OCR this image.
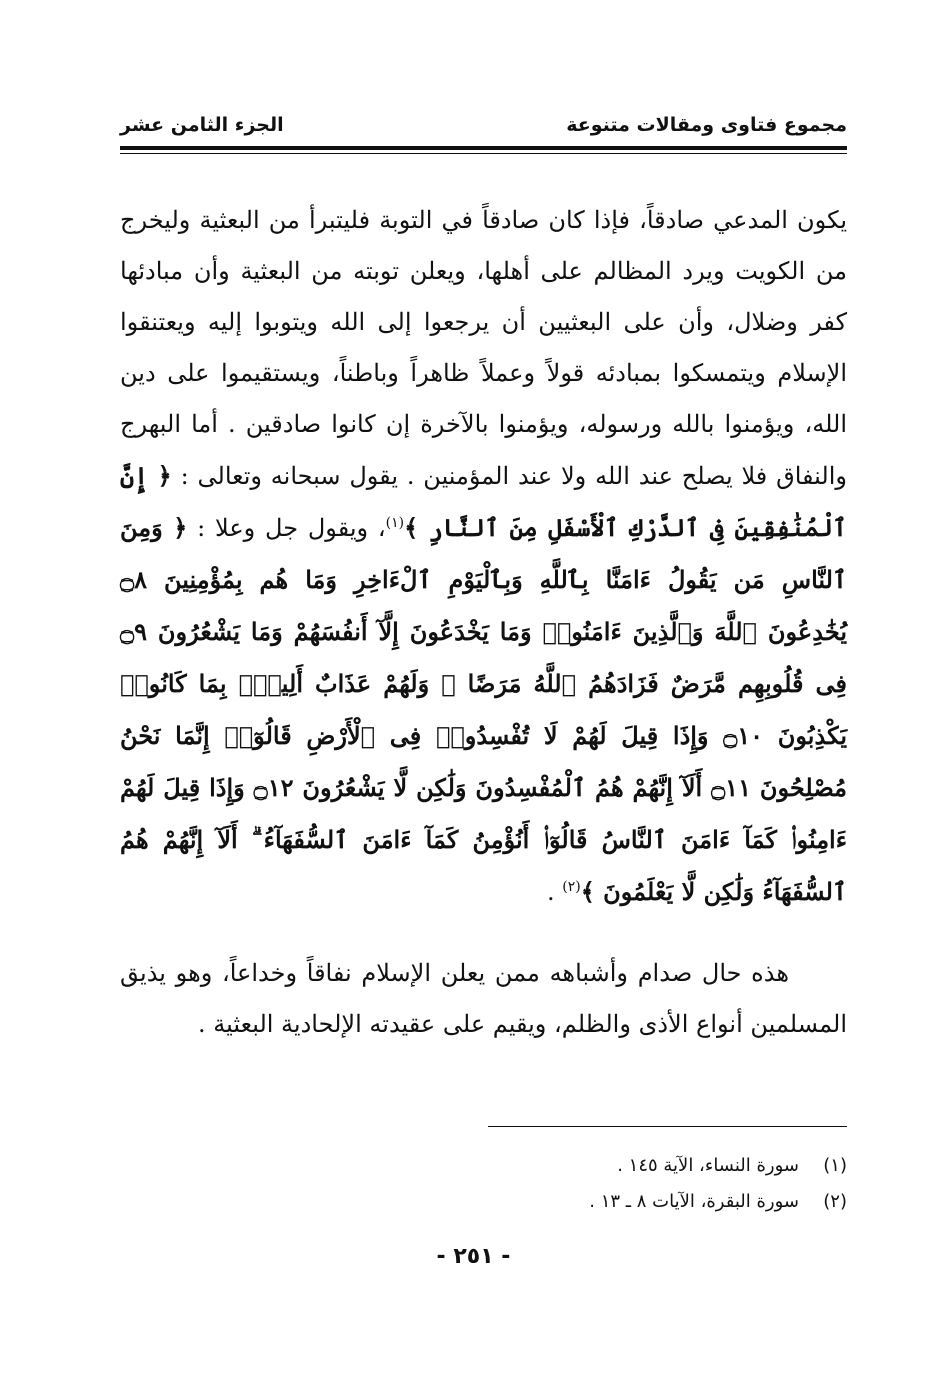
مجموع فتاوى ومقالات متنوعة
الجزء الثامن عشر

يكون المدعي صادقاً، فإذا كان صادقاً في التوبة فليتبرأ من البعثية وليخرج من الكويت ويرد المظالم على أهلها، ويعلن توبته من البعثية وأن مبادئها كفر وضلال، وأن على البعثيين أن يرجعوا إلى الله ويتوبوا إليه ويعتنقوا الإسلام ويتمسكوا بمبادئه قولاً وعملاً ظاهراً وباطناً، ويستقيموا على دين الله، ويؤمنوا بالله ورسوله، ويؤمنوا بالآخرة إن كانوا صادقين . أما البهرج والنفاق فلا يصلح عند الله ولا عند المؤمنين . يقول سبحانه وتعالى : ﴿ إِنَّ ٱلْمُنَٰفِقِينَ فِى ٱلدَّرْكِ ٱلْأَسْفَلِ مِنَ ٱلنَّارِ ﴾$^{(١)}$، ويقول جل وعلا : ﴿ وَمِنَ ٱلنَّاسِ مَن يَقُولُ ءَامَنَّا بِٱللَّهِ وَبِٱلْيَوْمِ ٱلْءَاخِرِ وَمَا هُم بِمُؤْمِنِينَ ۝٨ يُخَٰدِعُونَ ٱللَّهَ وَٱلَّذِينَ ءَامَنُوا۟ وَمَا يَخْدَعُونَ إِلَّآ أَنفُسَهُمْ وَمَا يَشْعُرُونَ ۝٩ فِى قُلُوبِهِم مَّرَضٌ فَزَادَهُمُ ٱللَّهُ مَرَضًا ۖ وَلَهُمْ عَذَابٌ أَلِيمٌۢ بِمَا كَانُوا۟ يَكْذِبُونَ ۝١٠ وَإِذَا قِيلَ لَهُمْ لَا تُفْسِدُوا۟ فِى ٱلْأَرْضِ قَالُوٓا۟ إِنَّمَا نَحْنُ مُصْلِحُونَ ۝١١ أَلَآ إِنَّهُمْ هُمُ ٱلْمُفْسِدُونَ وَلَٰكِن لَّا يَشْعُرُونَ ۝١٢ وَإِذَا قِيلَ لَهُمْ ءَامِنُوا۟ كَمَآ ءَامَنَ ٱلنَّاسُ قَالُوٓا۟ أَنُؤْمِنُ كَمَآ ءَامَنَ ٱلسُّفَهَآءُ ۗ أَلَآ إِنَّهُمْ هُمُ ٱلسُّفَهَآءُ وَلَٰكِن لَّا يَعْلَمُونَ ﴾$^{(٢)}$ .

هذه حال صدام وأشباهه ممن يعلن الإسلام نفاقاً وخداعاً، وهو يذيق المسلمين أنواع الأذى والظلم، ويقيم على عقيدته الإلحادية البعثية .

(١)
سورة النساء، الآية ١٤٥ .
(٢)
سورة البقرة، الآيات ٨ ـ ١٣ .
- ٢٥١ -
